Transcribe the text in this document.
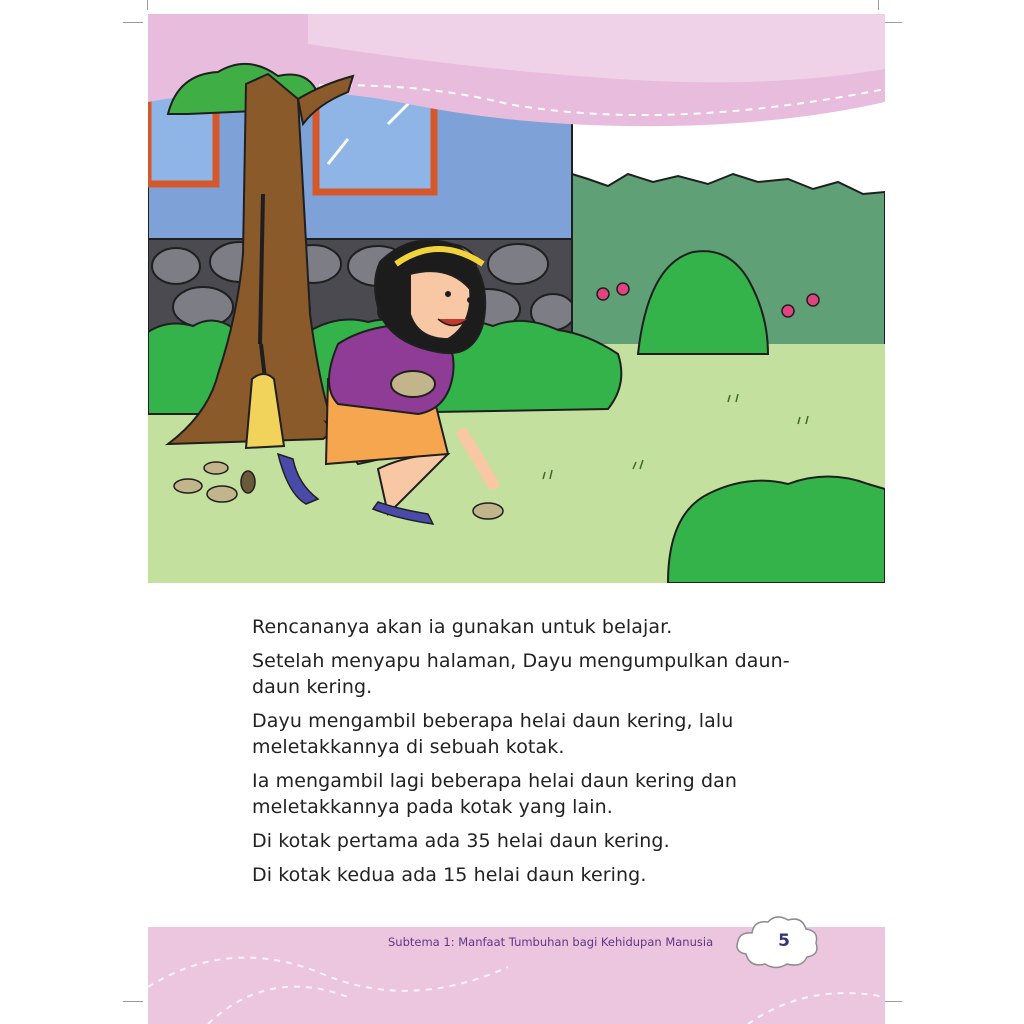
Rencananya akan ia gunakan untuk belajar.

Setelah menyapu halaman, Dayu mengumpulkan daun-daun kering.

Dayu mengambil beberapa helai daun kering, lalu meletakkannya di sebuah kotak.

Ia mengambil lagi beberapa helai daun kering dan meletakkannya pada kotak yang lain.

Di kotak pertama ada 35 helai daun kering.

Di kotak kedua ada 15 helai daun kering.

Subtema 1: Manfaat Tumbuhan bagi Kehidupan Manusia	5
